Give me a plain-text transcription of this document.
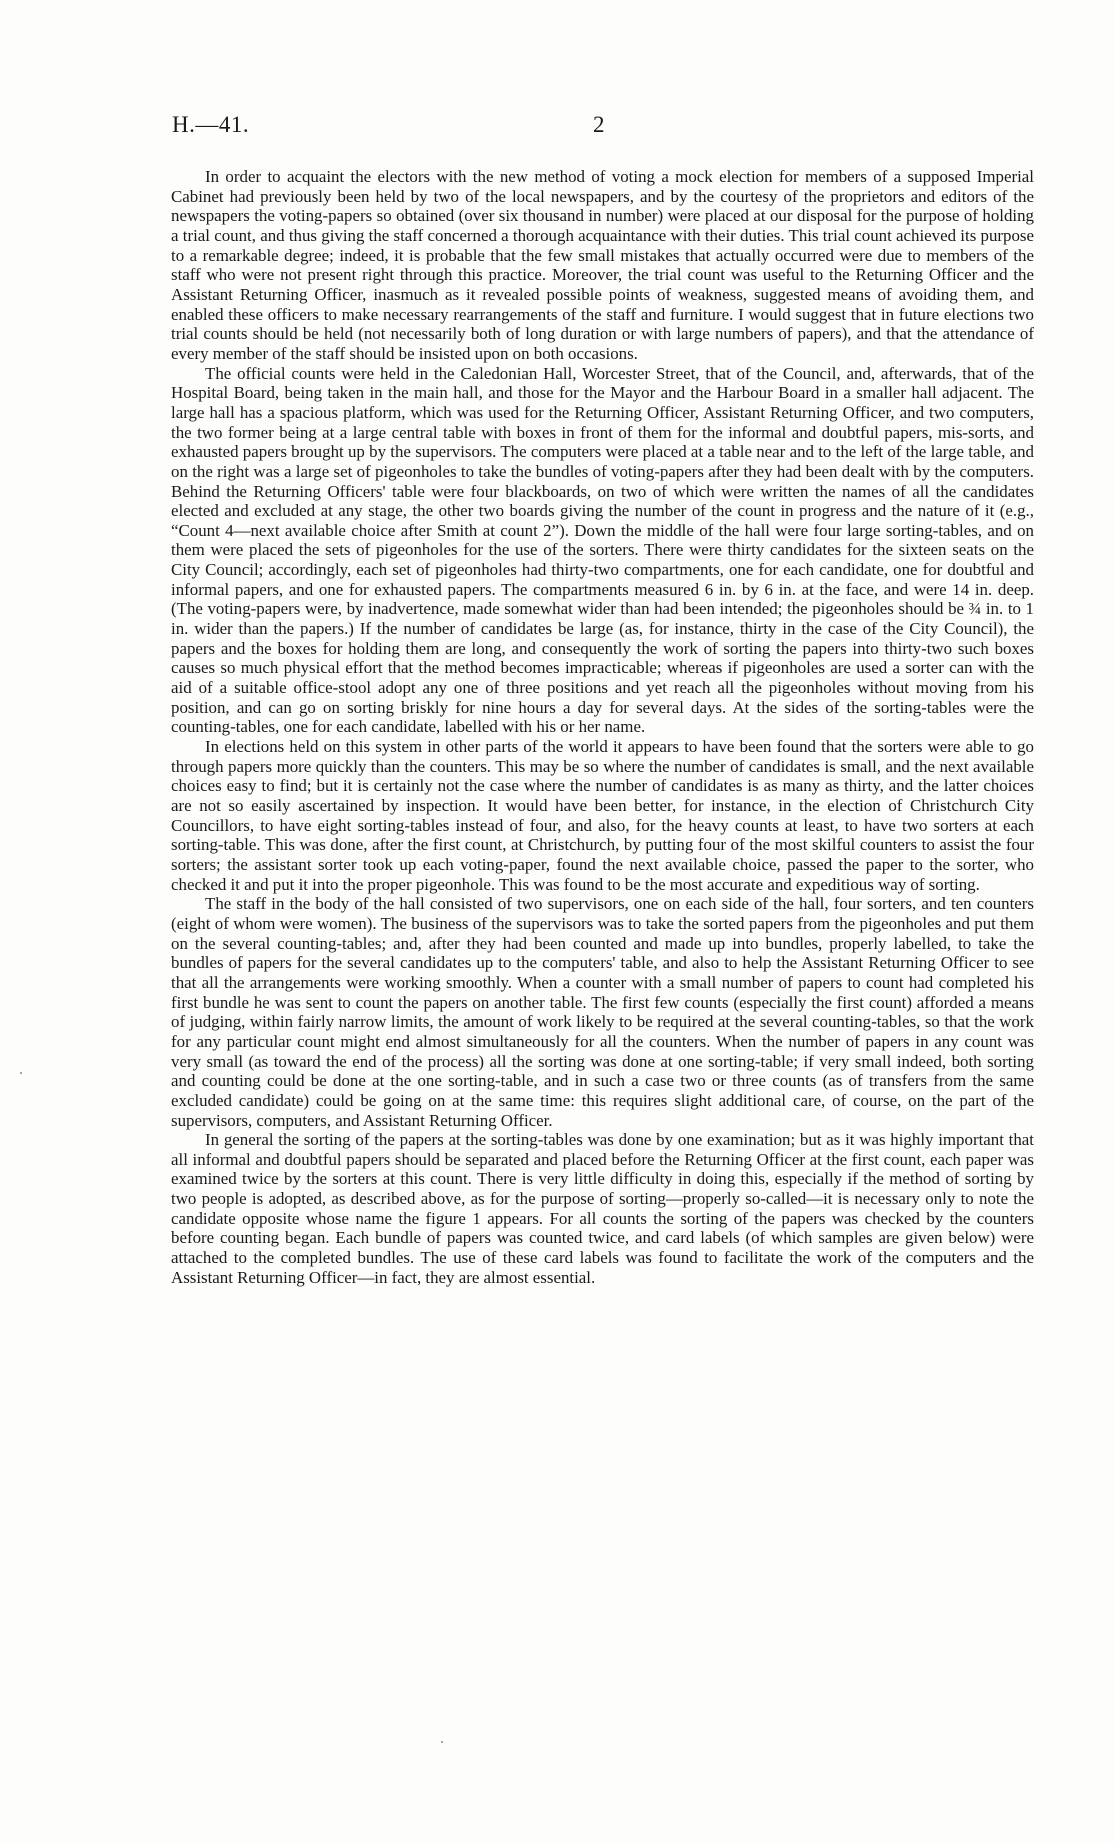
H.—41.	2

In order to acquaint the electors with the new method of voting a mock election for members of a supposed Imperial Cabinet had previously been held by two of the local newspapers, and by the courtesy of the proprietors and editors of the newspapers the voting-papers so obtained (over six thousand in number) were placed at our disposal for the purpose of holding a trial count, and thus giving the staff concerned a thorough acquaintance with their duties. This trial count achieved its purpose to a remarkable degree; indeed, it is probable that the few small mistakes that actually occurred were due to members of the staff who were not present right through this practice. Moreover, the trial count was useful to the Returning Officer and the Assistant Returning Officer, inasmuch as it revealed possible points of weakness, suggested means of avoiding them, and enabled these officers to make necessary rearrangements of the staff and furniture. I would suggest that in future elections two trial counts should be held (not necessarily both of long duration or with large numbers of papers), and that the attendance of every member of the staff should be insisted upon on both occasions.

The official counts were held in the Caledonian Hall, Worcester Street, that of the Council, and, afterwards, that of the Hospital Board, being taken in the main hall, and those for the Mayor and the Harbour Board in a smaller hall adjacent. The large hall has a spacious platform, which was used for the Returning Officer, Assistant Returning Officer, and two computers, the two former being at a large central table with boxes in front of them for the informal and doubtful papers, mis-sorts, and exhausted papers brought up by the supervisors. The computers were placed at a table near and to the left of the large table, and on the right was a large set of pigeonholes to take the bundles of voting-papers after they had been dealt with by the computers. Behind the Returning Officers' table were four blackboards, on two of which were written the names of all the candidates elected and excluded at any stage, the other two boards giving the number of the count in progress and the nature of it (e.g., “Count 4—next available choice after Smith at count 2”). Down the middle of the hall were four large sorting-tables, and on them were placed the sets of pigeonholes for the use of the sorters. There were thirty candidates for the sixteen seats on the City Council; accordingly, each set of pigeonholes had thirty-two compartments, one for each candidate, one for doubtful and informal papers, and one for exhausted papers. The compartments measured 6 in. by 6 in. at the face, and were 14 in. deep. (The voting-papers were, by inadvertence, made somewhat wider than had been intended; the pigeonholes should be ¾ in. to 1 in. wider than the papers.) If the number of candidates be large (as, for instance, thirty in the case of the City Council), the papers and the boxes for holding them are long, and consequently the work of sorting the papers into thirty-two such boxes causes so much physical effort that the method becomes impracticable; whereas if pigeonholes are used a sorter can with the aid of a suitable office-stool adopt any one of three positions and yet reach all the pigeonholes without moving from his position, and can go on sorting briskly for nine hours a day for several days. At the sides of the sorting-tables were the counting-tables, one for each candidate, labelled with his or her name.

In elections held on this system in other parts of the world it appears to have been found that the sorters were able to go through papers more quickly than the counters. This may be so where the number of candidates is small, and the next available choices easy to find; but it is certainly not the case where the number of candidates is as many as thirty, and the latter choices are not so easily ascertained by inspection. It would have been better, for instance, in the election of Christchurch City Councillors, to have eight sorting-tables instead of four, and also, for the heavy counts at least, to have two sorters at each sorting-table. This was done, after the first count, at Christchurch, by putting four of the most skilful counters to assist the four sorters; the assistant sorter took up each voting-paper, found the next available choice, passed the paper to the sorter, who checked it and put it into the proper pigeonhole. This was found to be the most accurate and expeditious way of sorting.

The staff in the body of the hall consisted of two supervisors, one on each side of the hall, four sorters, and ten counters (eight of whom were women). The business of the supervisors was to take the sorted papers from the pigeonholes and put them on the several counting-tables; and, after they had been counted and made up into bundles, properly labelled, to take the bundles of papers for the several candidates up to the computers' table, and also to help the Assistant Returning Officer to see that all the arrangements were working smoothly. When a counter with a small number of papers to count had completed his first bundle he was sent to count the papers on another table. The first few counts (especially the first count) afforded a means of judging, within fairly narrow limits, the amount of work likely to be required at the several counting-tables, so that the work for any particular count might end almost simultaneously for all the counters. When the number of papers in any count was very small (as toward the end of the process) all the sorting was done at one sorting-table; if very small indeed, both sorting and counting could be done at the one sorting-table, and in such a case two or three counts (as of transfers from the same excluded candidate) could be going on at the same time: this requires slight additional care, of course, on the part of the supervisors, computers, and Assistant Returning Officer.

In general the sorting of the papers at the sorting-tables was done by one examination; but as it was highly important that all informal and doubtful papers should be separated and placed before the Returning Officer at the first count, each paper was examined twice by the sorters at this count. There is very little difficulty in doing this, especially if the method of sorting by two people is adopted, as described above, as for the purpose of sorting—properly so-called—it is necessary only to note the candidate opposite whose name the figure 1 appears. For all counts the sorting of the papers was checked by the counters before counting began. Each bundle of papers was counted twice, and card labels (of which samples are given below) were attached to the completed bundles. The use of these card labels was found to facilitate the work of the computers and the Assistant Returning Officer—in fact, they are almost essential.
